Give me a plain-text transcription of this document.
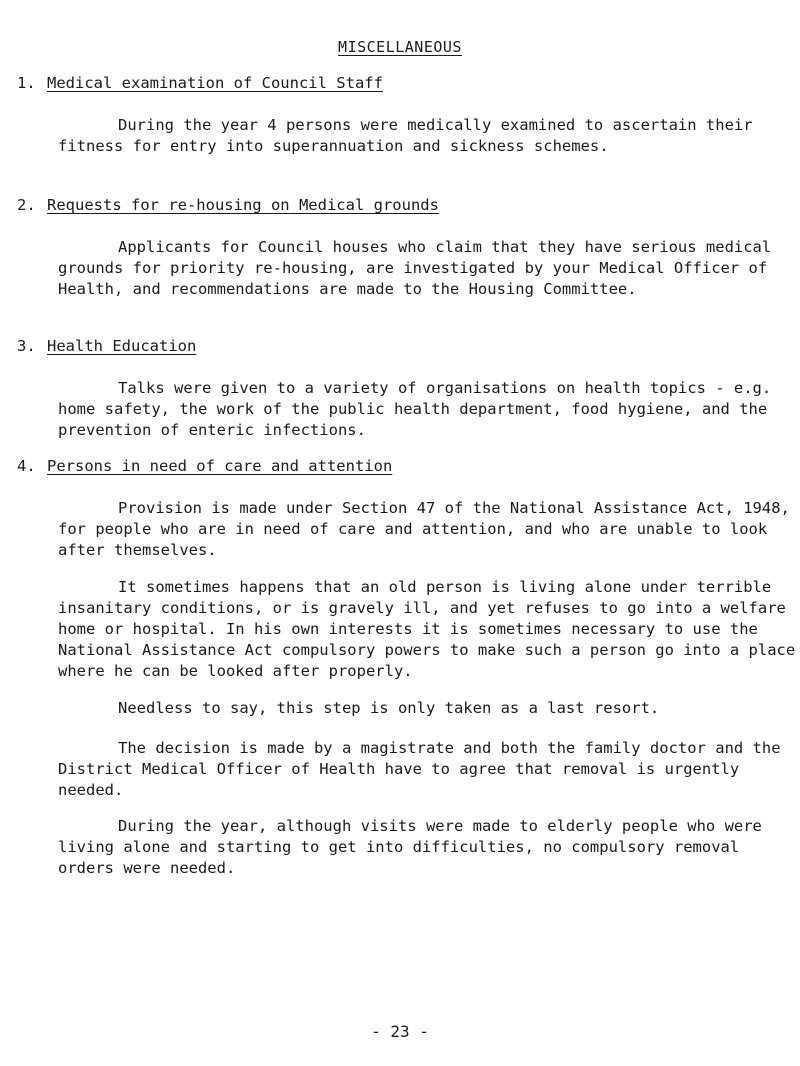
MISCELLANEOUS
1. Medical examination of Council Staff

During the year 4 persons were medically examined to ascertain their fitness for entry into superannuation and sickness schemes.

2. Requests for re-housing on Medical grounds

Applicants for Council houses who claim that they have serious medical grounds for priority re-housing, are investigated by your Medical Officer of Health, and recommendations are made to the Housing Committee.

3. Health Education

Talks were given to a variety of organisations on health topics - e.g. home safety, the work of the public health department, food hygiene, and the prevention of enteric infections.

4. Persons in need of care and attention

Provision is made under Section 47 of the National Assistance Act, 1948, for people who are in need of care and attention, and who are unable to look after themselves.

It sometimes happens that an old person is living alone under terrible insanitary conditions, or is gravely ill, and yet refuses to go into a welfare home or hospital. In his own interests it is sometimes necessary to use the National Assistance Act compulsory powers to make such a person go into a place where he can be looked after properly.

Needless to say, this step is only taken as a last resort.

The decision is made by a magistrate and both the family doctor and the District Medical Officer of Health have to agree that removal is urgently needed.

During the year, although visits were made to elderly people who were living alone and starting to get into difficulties, no compulsory removal orders were needed.

- 23 -
